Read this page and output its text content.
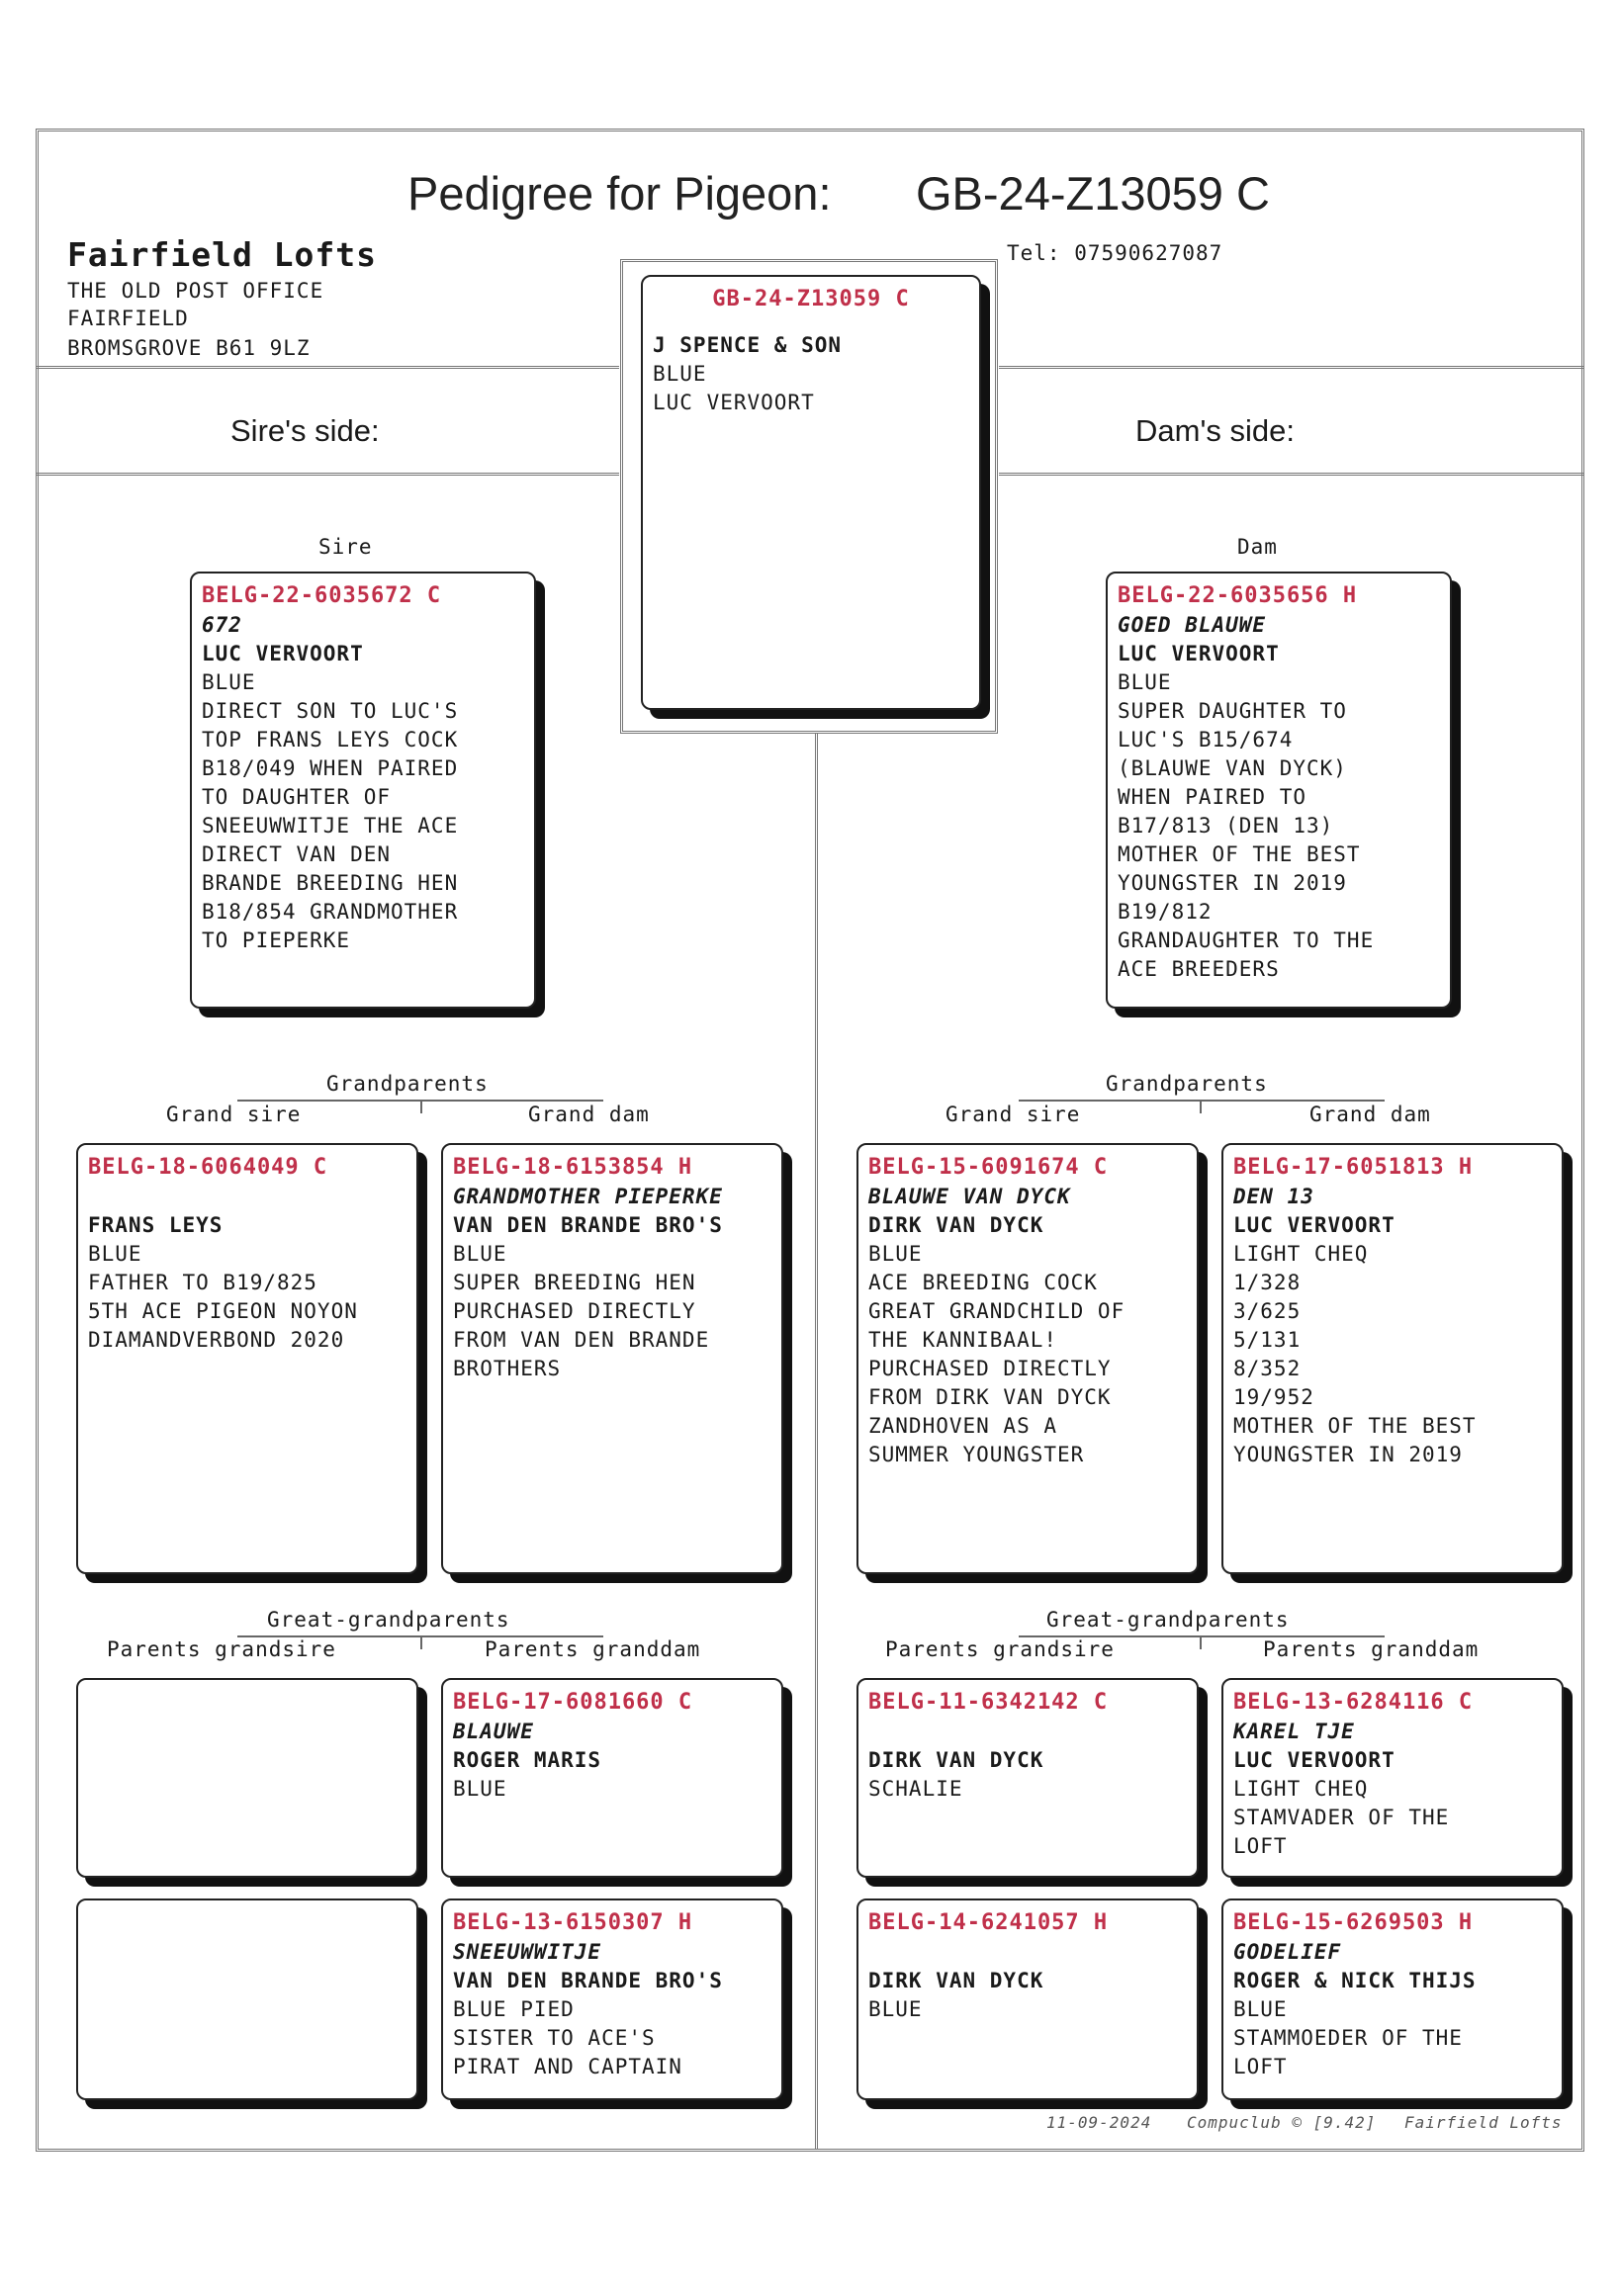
Pedigree for Pigeon: GB-24-Z13059 C
Fairfield Lofts
THE OLD POST OFFICE
FAIRFIELD
BROMSGROVE B61 9LZ
Tel: 07590627087
Sire's side:	Dam's side:
GB-24-Z13059 C
J SPENCE & SON
BLUE
LUC VERVOORT
Sire	Dam
BELG-22-6035672 C
672
LUC VERVOORT
BLUE
DIRECT SON TO LUC'S
TOP FRANS LEYS COCK
B18/049 WHEN PAIRED
TO DAUGHTER OF
SNEEUWWITJE THE ACE
DIRECT VAN DEN
BRANDE BREEDING HEN
B18/854 GRANDMOTHER
TO PIEPERKE
BELG-22-6035656 H
GOED BLAUWE
LUC VERVOORT
BLUE
SUPER DAUGHTER TO
LUC'S B15/674
(BLAUWE VAN DYCK)
WHEN PAIRED TO
B17/813 (DEN 13)
MOTHER OF THE BEST
YOUNGSTER IN 2019
B19/812
GRANDAUGHTER TO THE
ACE BREEDERS
Grandparents
Grand sire	Grand dam
Grandparents
Grand sire	Grand dam
BELG-18-6064049 C
FRANS LEYS
BLUE
FATHER TO B19/825
5TH ACE PIGEON NOYON
DIAMANDVERBOND 2020
BELG-18-6153854 H
GRANDMOTHER PIEPERKE
VAN DEN BRANDE BRO'S
BLUE
SUPER BREEDING HEN
PURCHASED DIRECTLY
FROM VAN DEN BRANDE
BROTHERS
BELG-15-6091674 C
BLAUWE VAN DYCK
DIRK VAN DYCK
BLUE
ACE BREEDING COCK
GREAT GRANDCHILD OF
THE KANNIBAAL!
PURCHASED DIRECTLY
FROM DIRK VAN DYCK
ZANDHOVEN AS A
SUMMER YOUNGSTER
BELG-17-6051813 H
DEN 13
LUC VERVOORT
LIGHT CHEQ
1/328
3/625
5/131
8/352
19/952
MOTHER OF THE BEST
YOUNGSTER IN 2019
Great-grandparents
Parents grandsire	Parents granddam
Great-grandparents
Parents grandsire	Parents granddam
BELG-17-6081660 C
BLAUWE
ROGER MARIS
BLUE
BELG-11-6342142 C
DIRK VAN DYCK
SCHALIE
BELG-13-6284116 C
KAREL TJE
LUC VERVOORT
LIGHT CHEQ
STAMVADER OF THE
LOFT
BELG-13-6150307 H
SNEEUWWITJE
VAN DEN BRANDE BRO'S
BLUE PIED
SISTER TO ACE'S
PIRAT AND CAPTAIN
BELG-14-6241057 H
DIRK VAN DYCK
BLUE
BELG-15-6269503 H
GODELIEF
ROGER & NICK THIJS
BLUE
STAMMOEDER OF THE
LOFT
11-09-2024 Compuclub © [9.42] Fairfield Lofts
